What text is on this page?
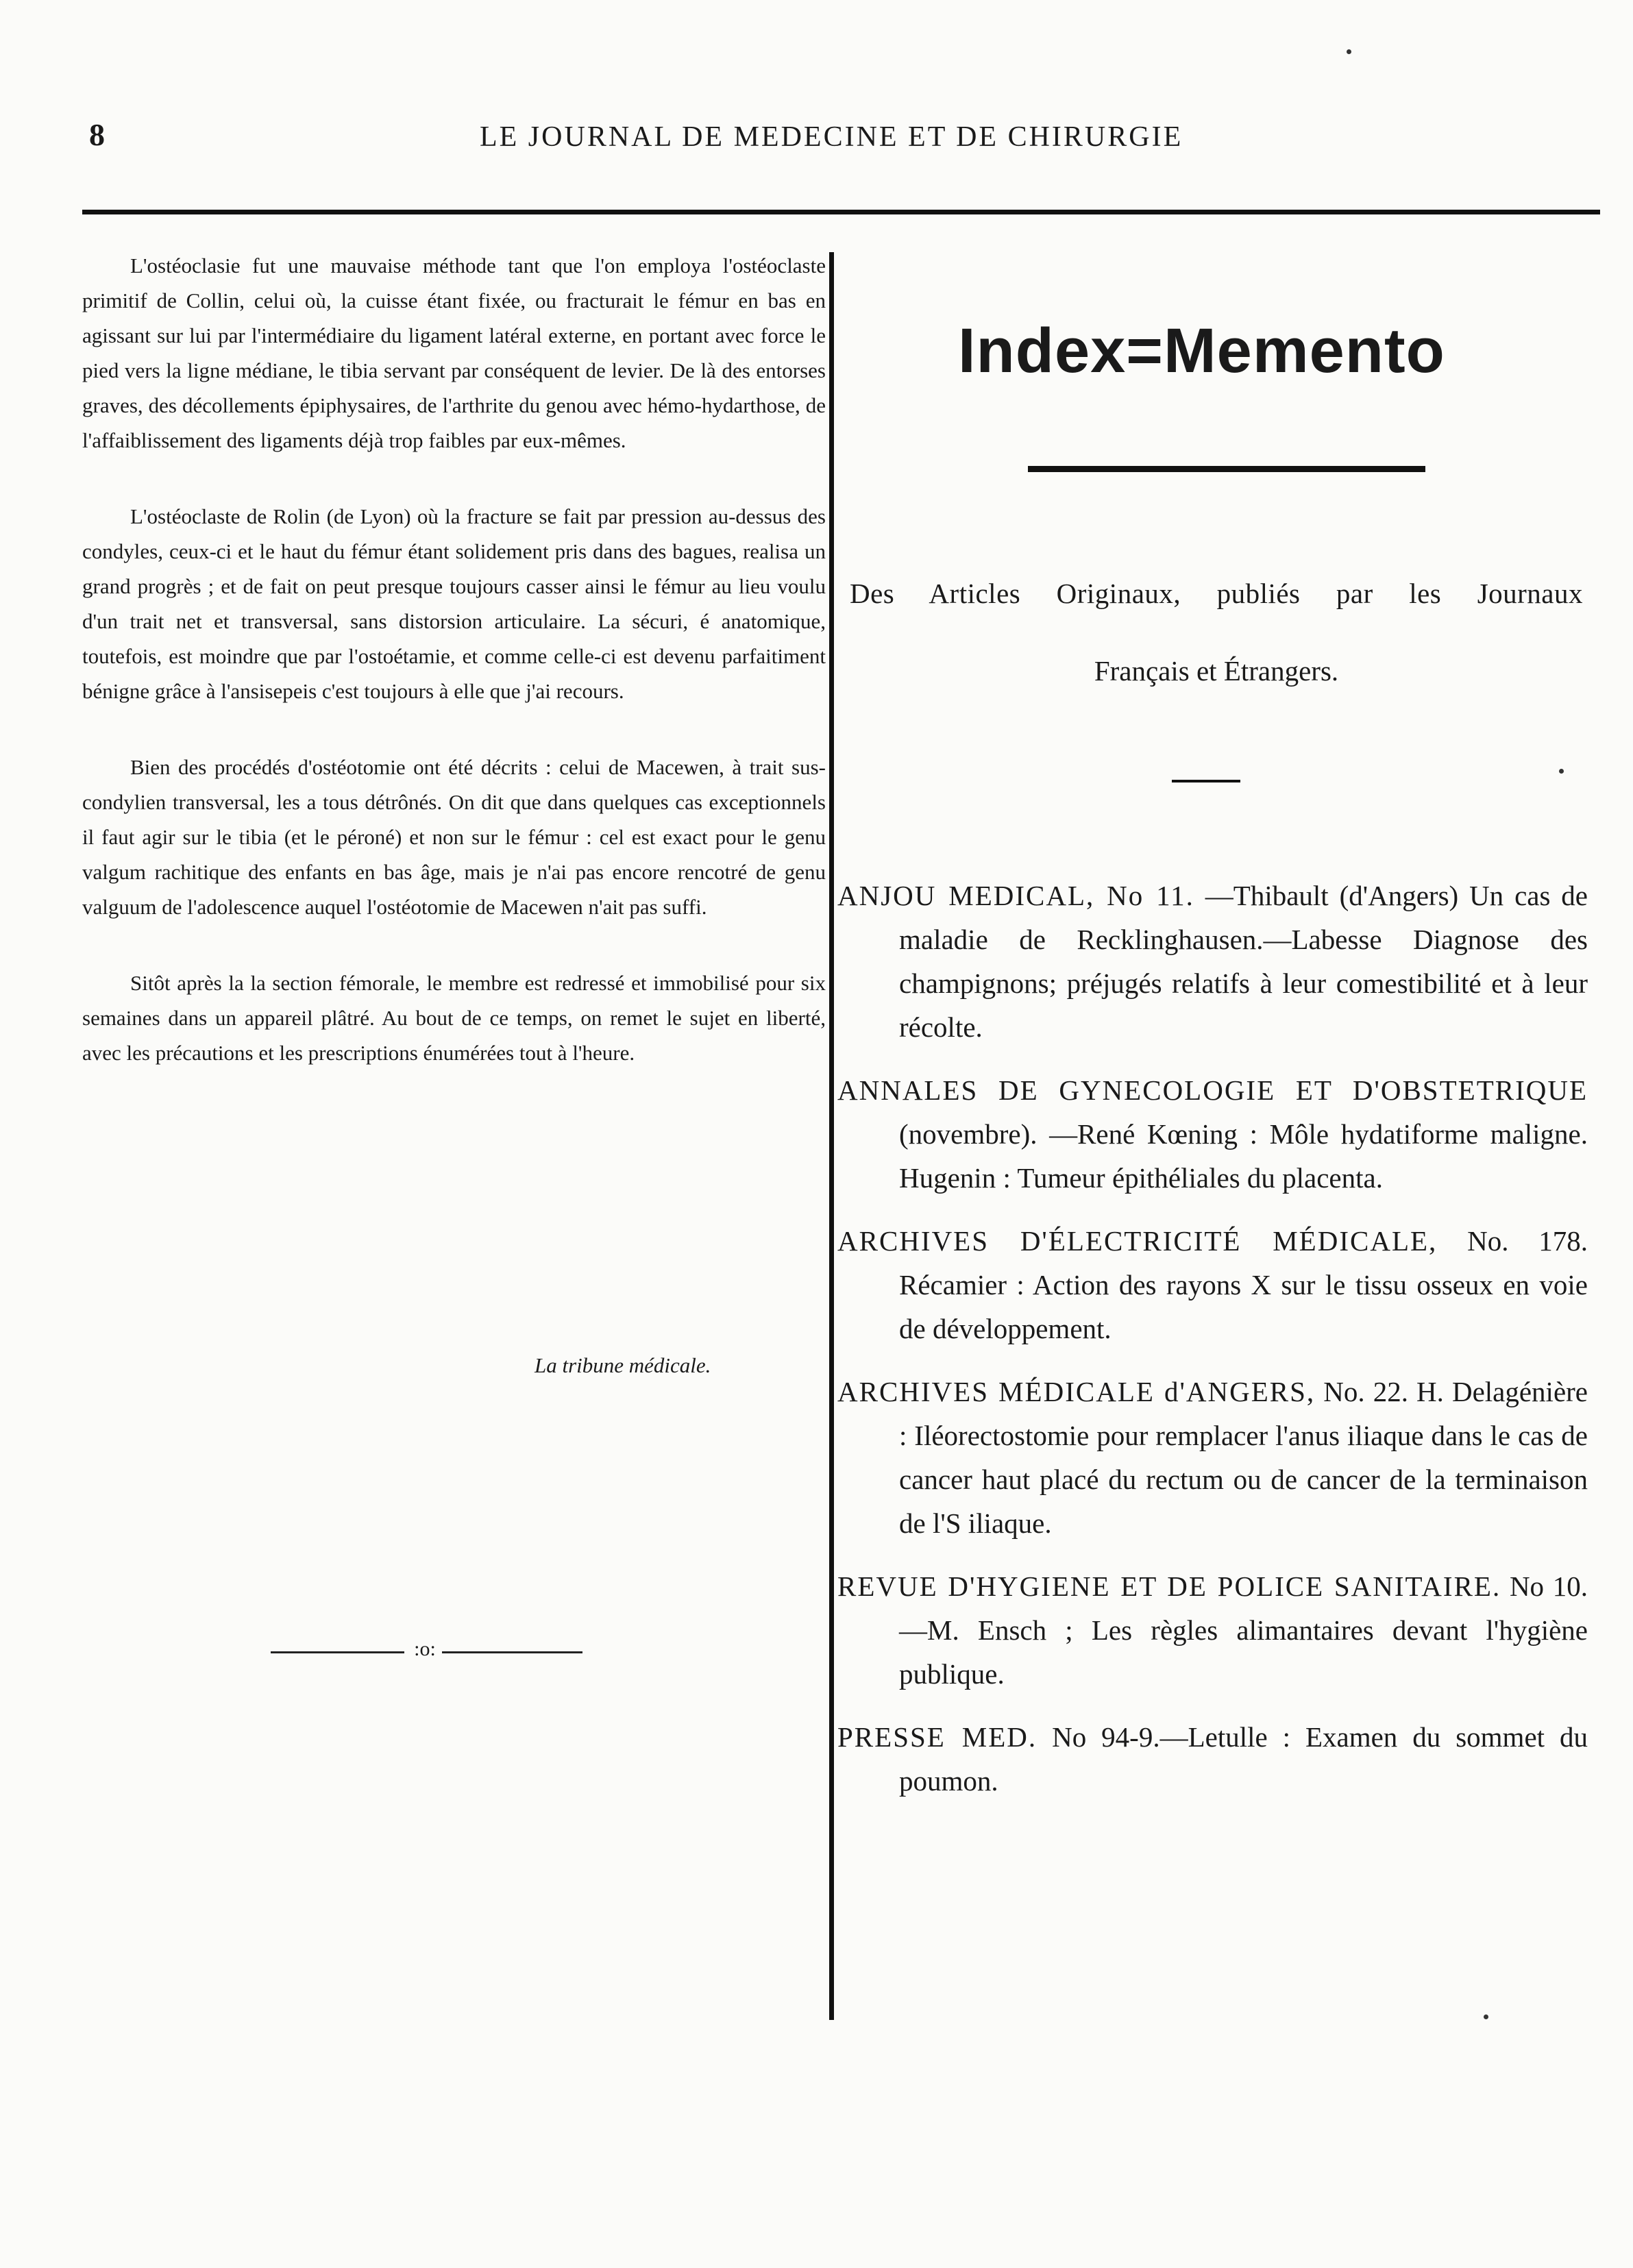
8	LE JOURNAL DE MEDECINE ET DE CHIRURGIE

L'ostéoclasie fut une mauvaise méthode tant que l'on employa l'ostéoclaste primitif de Collin, celui où, la cuisse étant fixée, ou fracturait le fémur en bas en agissant sur lui par l'intermédiaire du ligament latéral externe, en portant avec force le pied vers la ligne médiane, le tibia servant par conséquent de levier. De là des entorses graves, des décollements épiphysaires, de l'arthrite du genou avec hémo-hydarthose, de l'affaiblissement des ligaments déjà trop faibles par eux-mêmes.

L'ostéoclaste de Rolin (de Lyon) où la fracture se fait par pression au-dessus des condyles, ceux-ci et le haut du fémur étant solidement pris dans des bagues, realisa un grand progrès ; et de fait on peut presque toujours casser ainsi le fémur au lieu voulu d'un trait net et transversal, sans distorsion articulaire. La sécuri, é anatomique, toutefois, est moindre que par l'ostoétamie, et comme celle-ci est devenu parfaitiment bénigne grâce à l'ansisepeis c'est toujours à elle que j'ai recours.

Bien des procédés d'ostéotomie ont été décrits : celui de Macewen, à trait sus-condylien transversal, les a tous détrônés. On dit que dans quelques cas exceptionnels il faut agir sur le tibia (et le péroné) et non sur le fémur : cel est exact pour le genu valgum rachitique des enfants en bas âge, mais je n'ai pas encore rencotré de genu valguum de l'adolescence auquel l'ostéotomie de Macewen n'ait pas suffi.

Sitôt après la la section fémorale, le membre est redressé et immobilisé pour six semaines dans un appareil plâtré. Au bout de ce temps, on remet le sujet en liberté, avec les précautions et les prescriptions énumérées tout à l'heure.

La tribune médicale.
:o:
Index=Memento
Des Articles Originaux, publiés par les Journaux
Français et Étrangers.

ANJOU MEDICAL, No 11. —Thibault (d'Angers) Un cas de maladie de Recklinghausen.—Labesse Diagnose des champignons; préjugés relatifs à leur comestibilité et à leur récolte.

ANNALES DE GYNECOLOGIE ET D'OBSTETRIQUE (novembre). —René Kœning : Môle hydatiforme maligne. Hugenin : Tumeur épithéliales du placenta.

ARCHIVES D'ÉLECTRICITÉ MÉDICALE, No. 178. Récamier : Action des rayons X sur le tissu osseux en voie de développement.

ARCHIVES MÉDICALE d'ANGERS, No. 22. H. Delagénière : Iléorectostomie pour remplacer l'anus iliaque dans le cas de cancer haut placé du rectum ou de cancer de la terminaison de l'S iliaque.

REVUE D'HYGIENE ET DE POLICE SANITAIRE. No 10.—M. Ensch ; Les règles alimantaires devant l'hygiène publique.

PRESSE MED. No 94-9.—Letulle : Examen du sommet du poumon.
